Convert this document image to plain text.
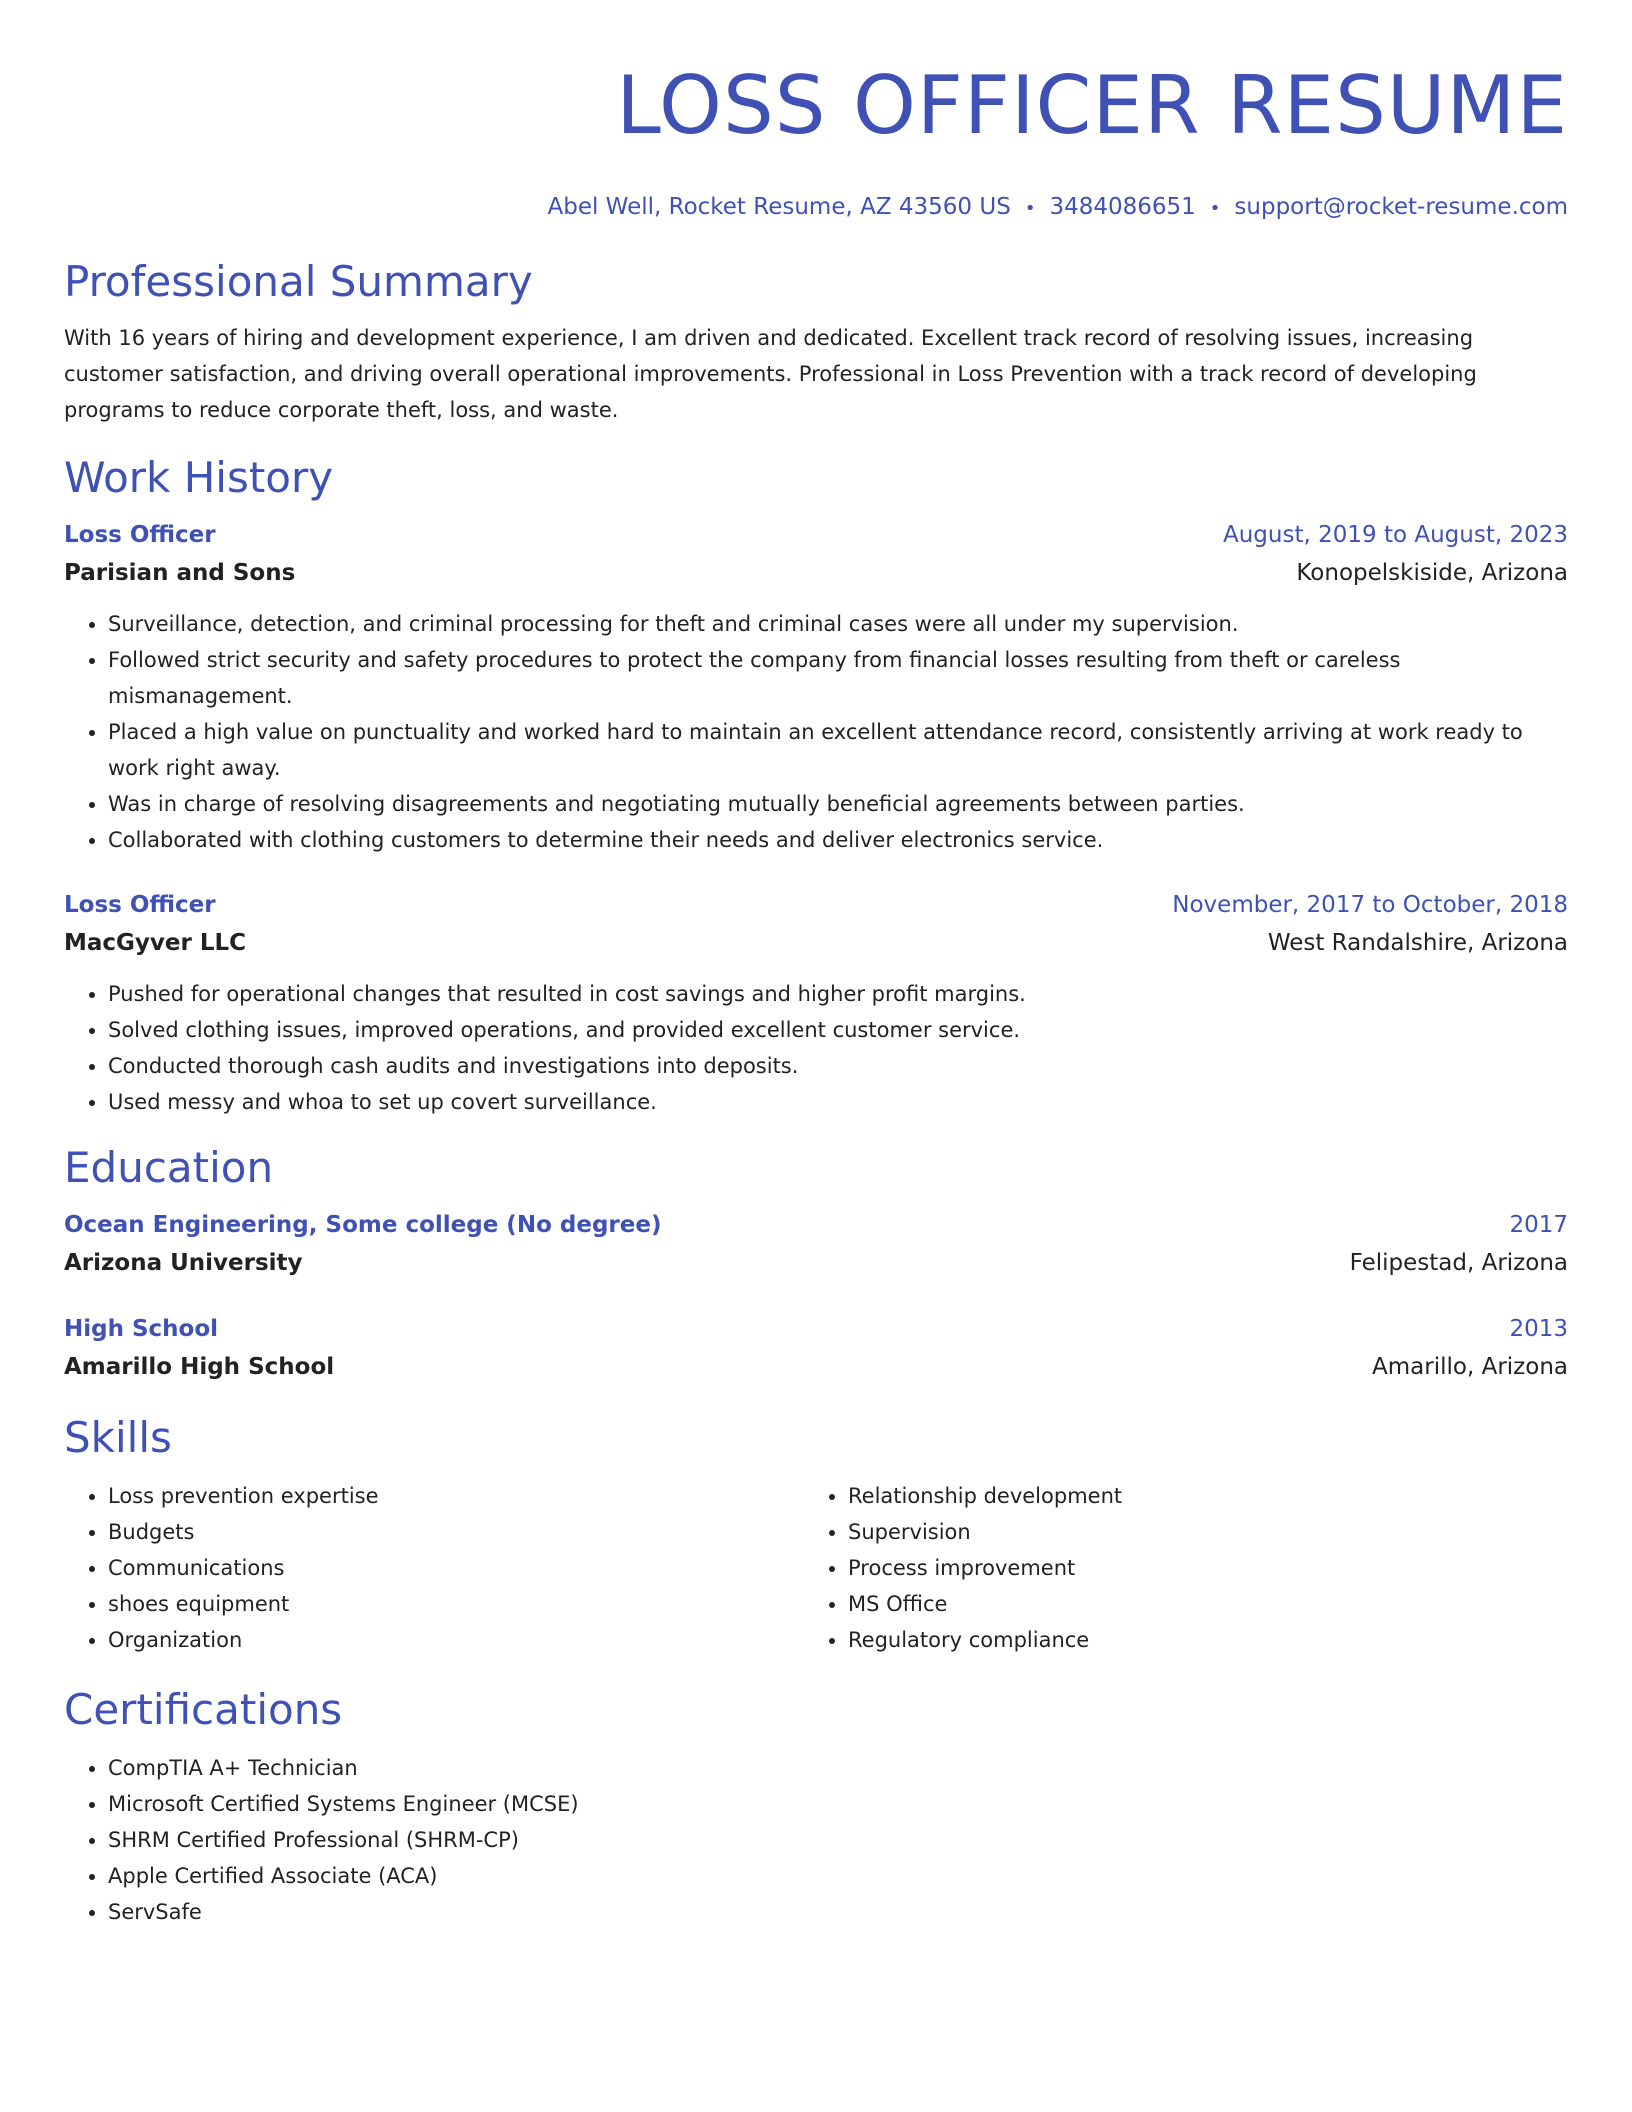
LOSS OFFICER RESUME
Abel Well, Rocket Resume, AZ 43560 US • 3484086651 • support@rocket-resume.com
Professional Summary

With 16 years of hiring and development experience, I am driven and dedicated. Excellent track record of resolving issues, increasing customer satisfaction, and driving overall operational improvements. Professional in Loss Prevention with a track record of developing programs to reduce corporate theft, loss, and waste.

Work History
Loss Officer	August, 2019 to August, 2023
Parisian and Sons	Konopelskiside, Arizona
• Surveillance, detection, and criminal processing for theft and criminal cases were all under my supervision.
• Followed strict security and safety procedures to protect the company from financial losses resulting from theft or careless mismanagement.
• Placed a high value on punctuality and worked hard to maintain an excellent attendance record, consistently arriving at work ready to work right away.
• Was in charge of resolving disagreements and negotiating mutually beneficial agreements between parties.
• Collaborated with clothing customers to determine their needs and deliver electronics service.
Loss Officer	November, 2017 to October, 2018
MacGyver LLC	West Randalshire, Arizona
• Pushed for operational changes that resulted in cost savings and higher profit margins.
• Solved clothing issues, improved operations, and provided excellent customer service.
• Conducted thorough cash audits and investigations into deposits.
• Used messy and whoa to set up covert surveillance.
Education
Ocean Engineering, Some college (No degree)	2017
Arizona University	Felipestad, Arizona
High School	2013
Amarillo High School	Amarillo, Arizona
Skills
• Loss prevention expertise
• Budgets
• Communications
• shoes equipment
• Organization
• Relationship development
• Supervision
• Process improvement
• MS Office
• Regulatory compliance
Certifications
• CompTIA A+ Technician
• Microsoft Certified Systems Engineer (MCSE)
• SHRM Certified Professional (SHRM-CP)
• Apple Certified Associate (ACA)
• ServSafe
